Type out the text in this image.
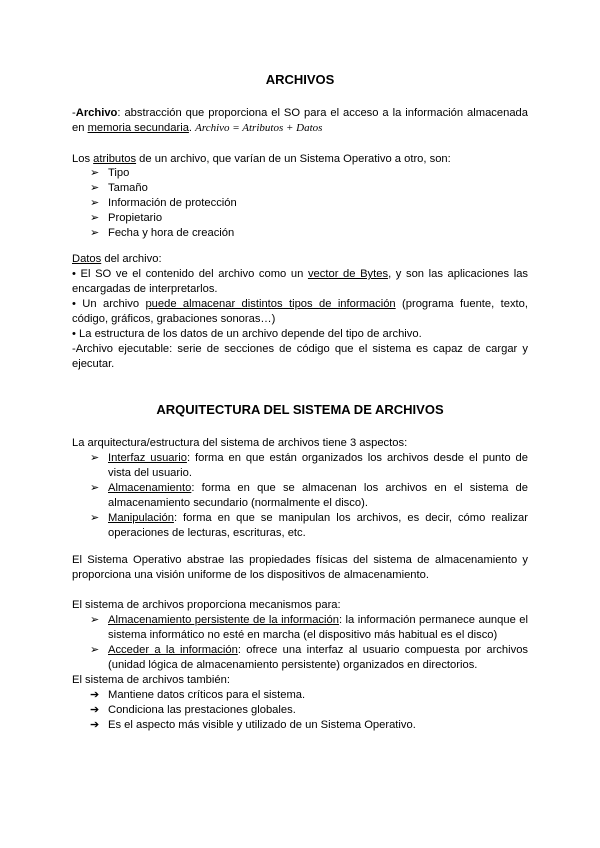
ARCHIVOS
-Archivo: abstracción que proporciona el SO para el acceso a la información almacenada en memoria secundaria. Archivo = Atributos + Datos
Los atributos de un archivo, que varían de un Sistema Operativo a otro, son:
➢ Tipo
➢ Tamaño
➢ Información de protección
➢ Propietario
➢ Fecha y hora de creación
Datos del archivo:
• El SO ve el contenido del archivo como un vector de Bytes, y son las aplicaciones las encargadas de interpretarlos.
• Un archivo puede almacenar distintos tipos de información (programa fuente, texto, código, gráficos, grabaciones sonoras…)
• La estructura de los datos de un archivo depende del tipo de archivo.
-Archivo ejecutable: serie de secciones de código que el sistema es capaz de cargar y ejecutar.
ARQUITECTURA DEL SISTEMA DE ARCHIVOS
La arquitectura/estructura del sistema de archivos tiene 3 aspectos:
➢ Interfaz usuario: forma en que están organizados los archivos desde el punto de vista del usuario.
➢ Almacenamiento: forma en que se almacenan los archivos en el sistema de almacenamiento secundario (normalmente el disco).
➢ Manipulación: forma en que se manipulan los archivos, es decir, cómo realizar operaciones de lecturas, escrituras, etc.
El Sistema Operativo abstrae las propiedades físicas del sistema de almacenamiento y proporciona una visión uniforme de los dispositivos de almacenamiento.
El sistema de archivos proporciona mecanismos para:
➢ Almacenamiento persistente de la información: la información permanece aunque el sistema informático no esté en marcha (el dispositivo más habitual es el disco)
➢ Acceder a la información: ofrece una interfaz al usuario compuesta por archivos (unidad lógica de almacenamiento persistente) organizados en directorios.
El sistema de archivos también:
➔ Mantiene datos críticos para el sistema.
➔ Condiciona las prestaciones globales.
➔ Es el aspecto más visible y utilizado de un Sistema Operativo.
